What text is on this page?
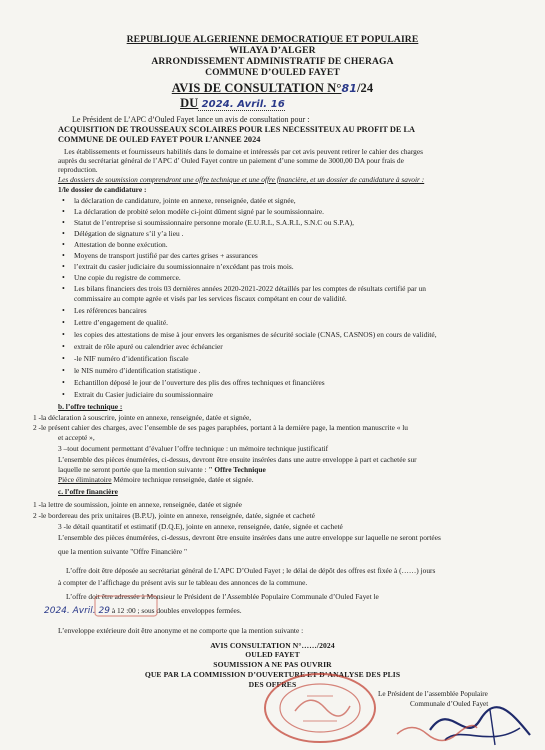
REPUBLIQUE ALGERIENNE DEMOCRATIQUE ET POPULAIRE
WILAYA D’ALGER
ARRONDISSEMENT ADMINISTRATIF DE CHERAGA
COMMUNE D’OULED FAYET
AVIS DE CONSULTATION N°81/24
DU 2024. Avril. 16
Le Président de L’APC d’Ouled Fayet lance un avis de consultation pour :
ACQUISITION DE TROUSSEAUX SCOLAIRES POUR LES NECESSITEUX AU PROFIT DE LA
COMMUNE DE OULED FAYET POUR L’ANNEE 2024
Les établissements et fournisseurs habilités dans le domaine et intéressés par cet avis peuvent retirer le cahier des charges
auprès du secrétariat général de l’APC d’ Ouled Fayet contre un paiement d’une somme de 3000,00 DA pour frais de
reproduction.
Les dossiers de soumission comprendront une offre technique et une offre financière, et un dossier de candidature à savoir :
1/le dossier de candidature :
• la déclaration de candidature, jointe en annexe, renseignée, datée et signée,
• La déclaration de probité selon modèle ci-joint dûment signé par le soumissionnaire.
• Statut de l’entreprise si soumissionnaire personne morale (E.U.R.L, S.A.R.L, S.N.C ou S.P.A),
• Délégation de signature s’il y’a lieu .
• Attestation de bonne exécution.
• Moyens de transport justifié par des cartes grises + assurances
• l’extrait du casier judiciaire du soumissionnaire n’excédant pas trois mois.
• Une copie du registre de commerce.
• Les bilans financiers des trois 03 dernières années 2020-2021-2022 détaillés par les comptes de résultats certifié par un
commissaire au compte agrée et visés par les services fiscaux compétant en cour de validité.
• Les références bancaires
• Lettre d’engagement de qualité.
• les copies des attestations de mise à jour envers les organismes de sécurité sociale (CNAS, CASNOS) en cours de validité,
• extrait de rôle apuré ou calendrier avec échéancier
• -le NIF numéro d’identification fiscale
• le NIS numéro d’identification statistique .
• Echantillon déposé le jour de l’ouverture des plis des offres techniques et financières
• Extrait du Casier judiciaire du soumissionnaire
b. l’offre technique :
1 -la déclaration à souscrire, jointe en annexe, renseignée, datée et signée,
2 -le présent cahier des charges, avec l’ensemble de ses pages paraphées, portant à la dernière page, la mention manuscrite « lu
et accepté »,
3 –tout document permettant d’évaluer l’offre technique : un mémoire technique justificatif
L’ensemble des pièces énumérées, ci-dessus, devront être ensuite insérées dans une autre enveloppe à part et cachetée sur
laquelle ne seront portée que la mention suivante : " Offre Technique
Pièce éliminatoire Mémoire technique renseignée, datée et signée.
c. l’offre financière
1 -la lettre de soumission, jointe en annexe, renseignée, datée et signée
2 -le bordereau des prix unitaires (B.P.U), jointe en annexe, renseignée, datée, signée et cacheté
3 -le détail quantitatif et estimatif (D.Q.E), jointe en annexe, renseignée, datée, signée et cacheté
L’ensemble des pièces énumérées, ci-dessus, devront être ensuite insérées dans une autre enveloppe sur laquelle ne seront portées
que la mention suivante "Offre Financière "
L’offre doit être déposée au secrétariat général de L’APC D’Ouled Fayet ; le délai de dépôt des offres est fixée à (……) jours
à compter de l’affichage du présent avis sur le tableau des annonces de la commune.
L’offre doit être adressée à Monsieur le Président de l’Assemblée Populaire Communale d’Ouled Fayet le
2024. Avril. 29 à 12 :00 ; sous doubles enveloppes fermées.
L’enveloppe extérieure doit être anonyme et ne comporte que la mention suivante :
AVIS CONSULTATION N°……/2024
OULED FAYET
SOUMISSION A NE PAS OUVRIR
QUE PAR LA COMMISSION D’OUVERTURE ET D’ANALYSE DES PLIS
DES OFFRES
Le Président de l’assemblée Populaire
Communale d’Ouled Fayet
